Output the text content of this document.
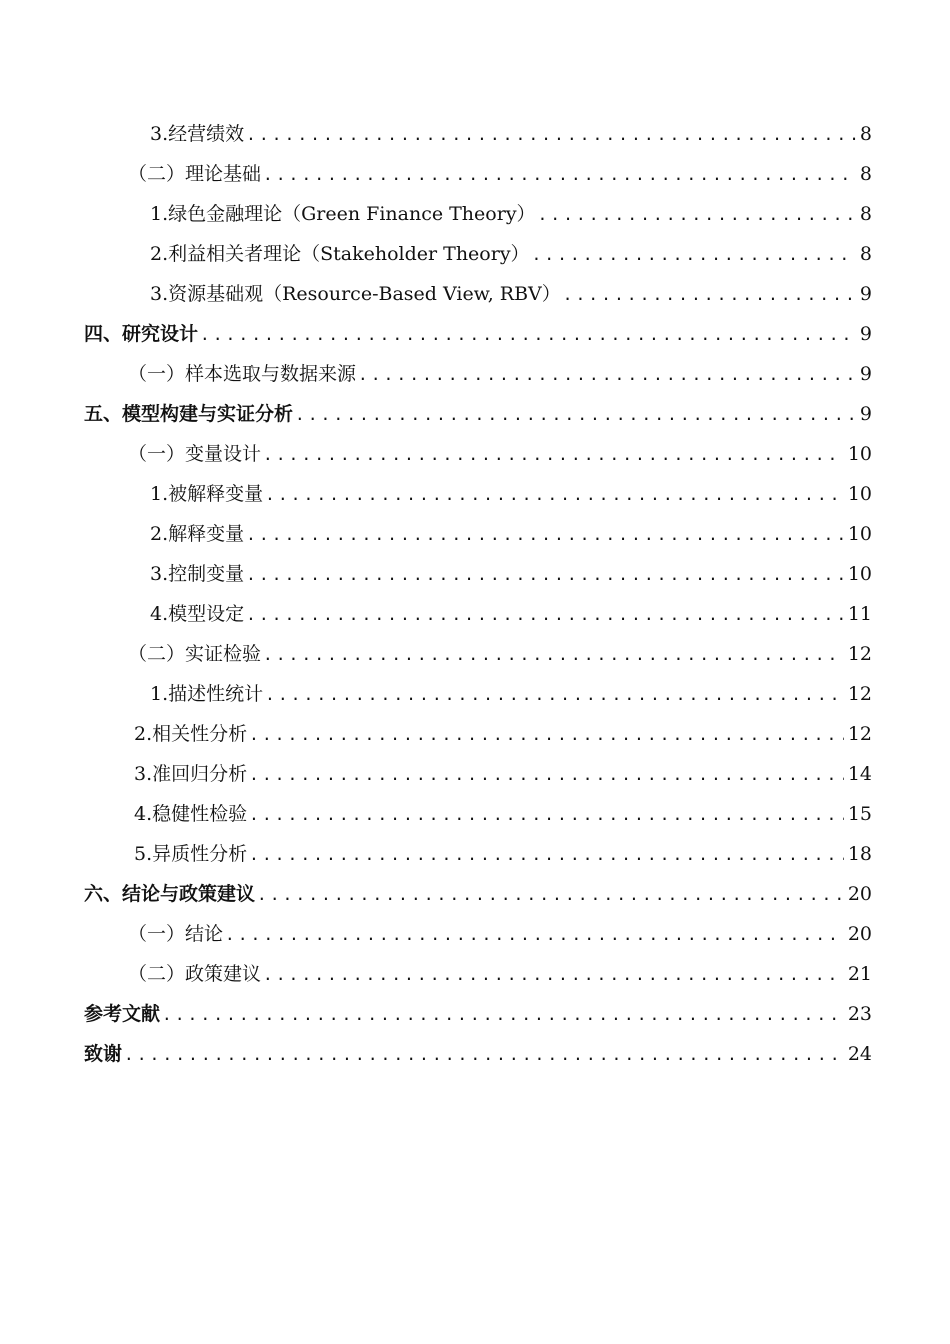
3.经营绩效 .....	8
（二）理论基础 .....	8
1.绿色金融理论（Green Finance Theory） .....	8
2.利益相关者理论（Stakeholder Theory） .....	8
3.资源基础观（Resource-Based View, RBV） .....	9
四、研究设计 .....	9
（一）样本选取与数据来源 .....	9
五、模型构建与实证分析 .....	9
（一）变量设计 .....	10
1.被解释变量 .....	10
2.解释变量 .....	10
3.控制变量 .....	10
4.模型设定 .....	11
（二）实证检验 .....	12
1.描述性统计 .....	12
2.相关性分析 .....	12
3.准回归分析 .....	14
4.稳健性检验 .....	15
5.异质性分析 .....	18
六、结论与政策建议 .....	20
（一）结论 .....	20
（二）政策建议 .....	21
参考文献 .....	23
致谢 .....	24
